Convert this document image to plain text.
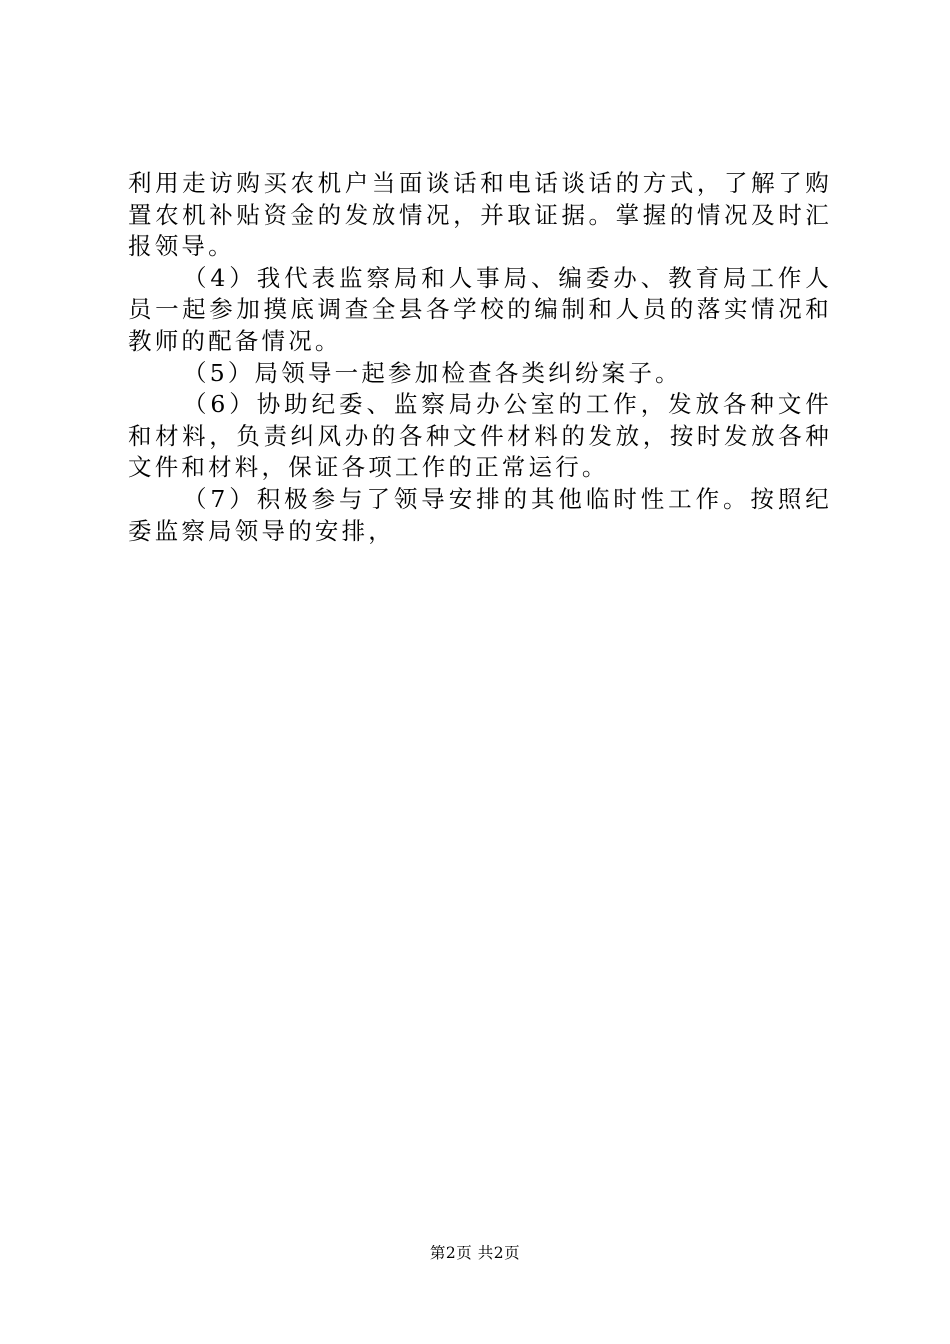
利用走访购买农机户当面谈话和电话谈话的方式，了解了购置农机补贴资金的发放情况，并取证据。掌握的情况及时汇报领导。

（4）我代表监察局和人事局、编委办、教育局工作人员一起参加摸底调查全县各学校的编制和人员的落实情况和教师的配备情况。

（5）局领导一起参加检查各类纠纷案子。

（6）协助纪委、监察局办公室的工作，发放各种文件和材料，负责纠风办的各种文件材料的发放，按时发放各种文件和材料，保证各项工作的正常运行。

（7）积极参与了领导安排的其他临时性工作。按照纪委监察局领导的安排，

第2页 共2页
